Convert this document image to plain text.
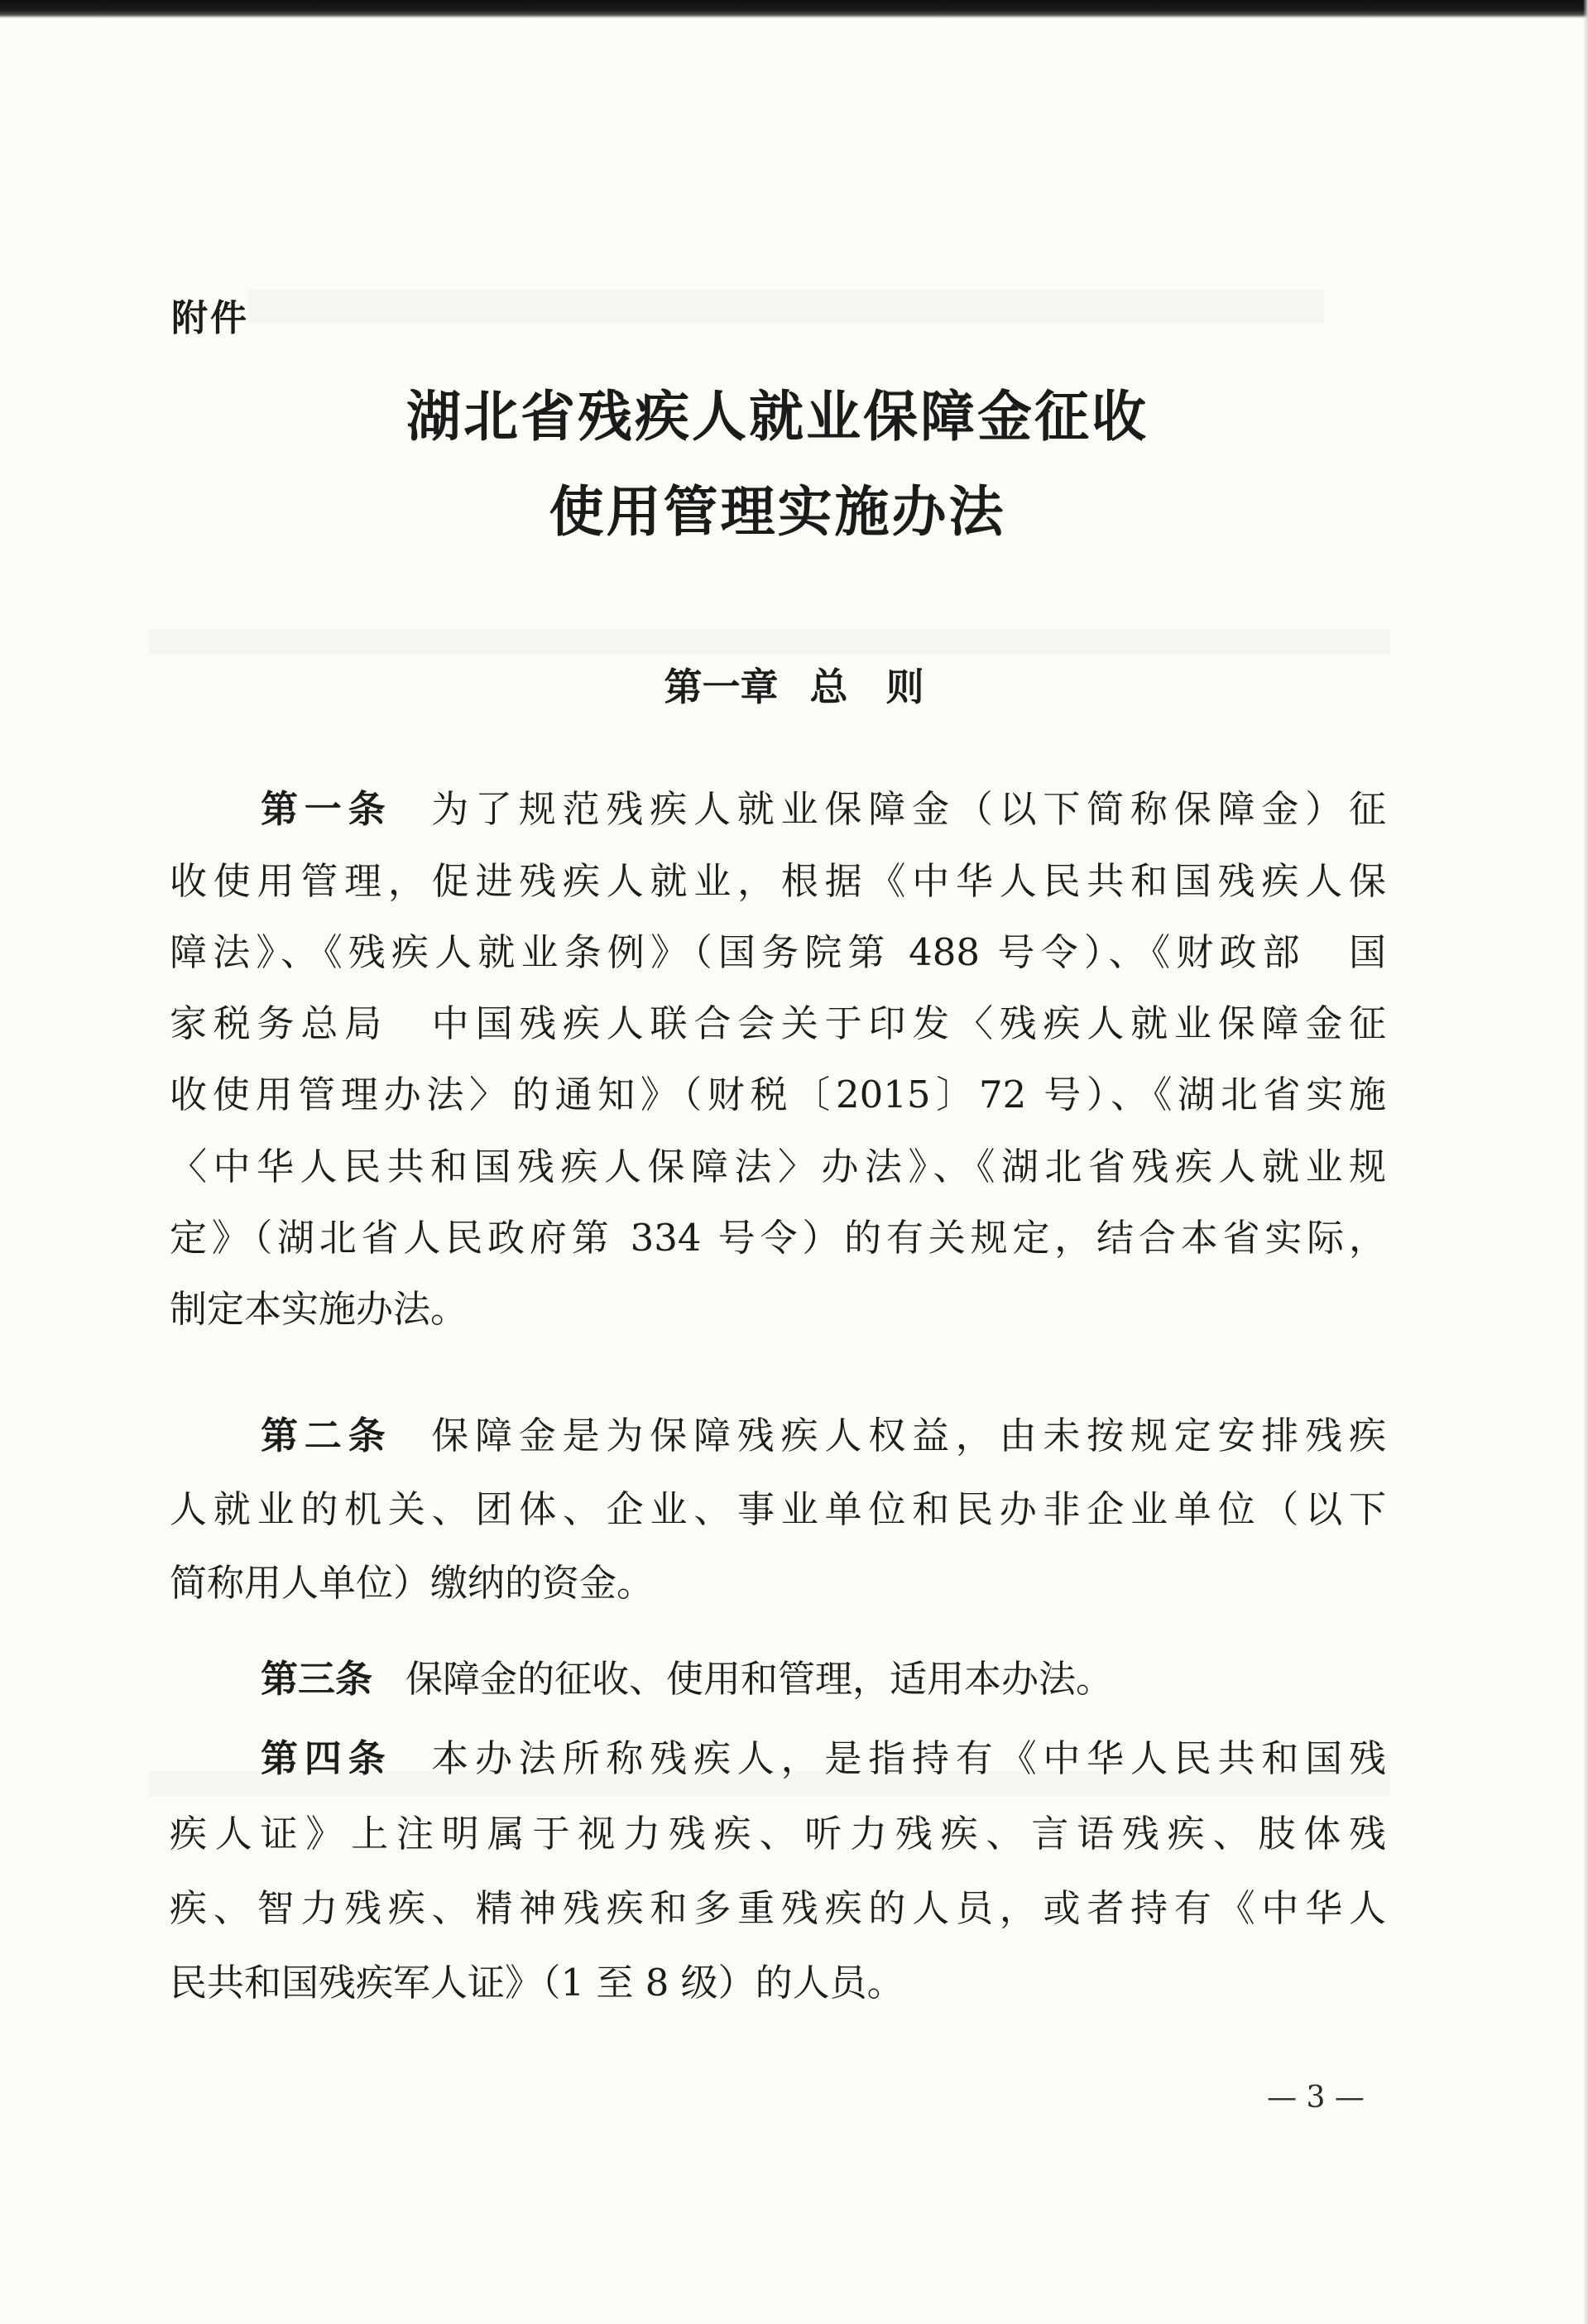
附件
湖北省残疾人就业保障金征收
使用管理实施办法
第一章 总　则

第一条 为了规范残疾人就业保障金（以下简称保障金）征

收使用管理，促进残疾人就业，根据《中华人民共和国残疾人保

障法》、《残疾人就业条例》（国务院第 488 号令）、《财政部　国

家税务总局　中国残疾人联合会关于印发〈残疾人就业保障金征

收使用管理办法〉的通知》（财税〔2015〕72 号）、《湖北省实施

〈中华人民共和国残疾人保障法〉办法》、《湖北省残疾人就业规

定》（湖北省人民政府第 334 号令）的有关规定，结合本省实际，

制定本实施办法。

第二条 保障金是为保障残疾人权益，由未按规定安排残疾

人就业的机关、团体、企业、事业单位和民办非企业单位（以下

简称用人单位）缴纳的资金。

第三条 保障金的征收、使用和管理，适用本办法。

第四条 本办法所称残疾人，是指持有《中华人民共和国残

疾人证》上注明属于视力残疾、听力残疾、言语残疾、肢体残

疾、智力残疾、精神残疾和多重残疾的人员，或者持有《中华人

民共和国残疾军人证》（1 至 8 级）的人员。

— 3 —
